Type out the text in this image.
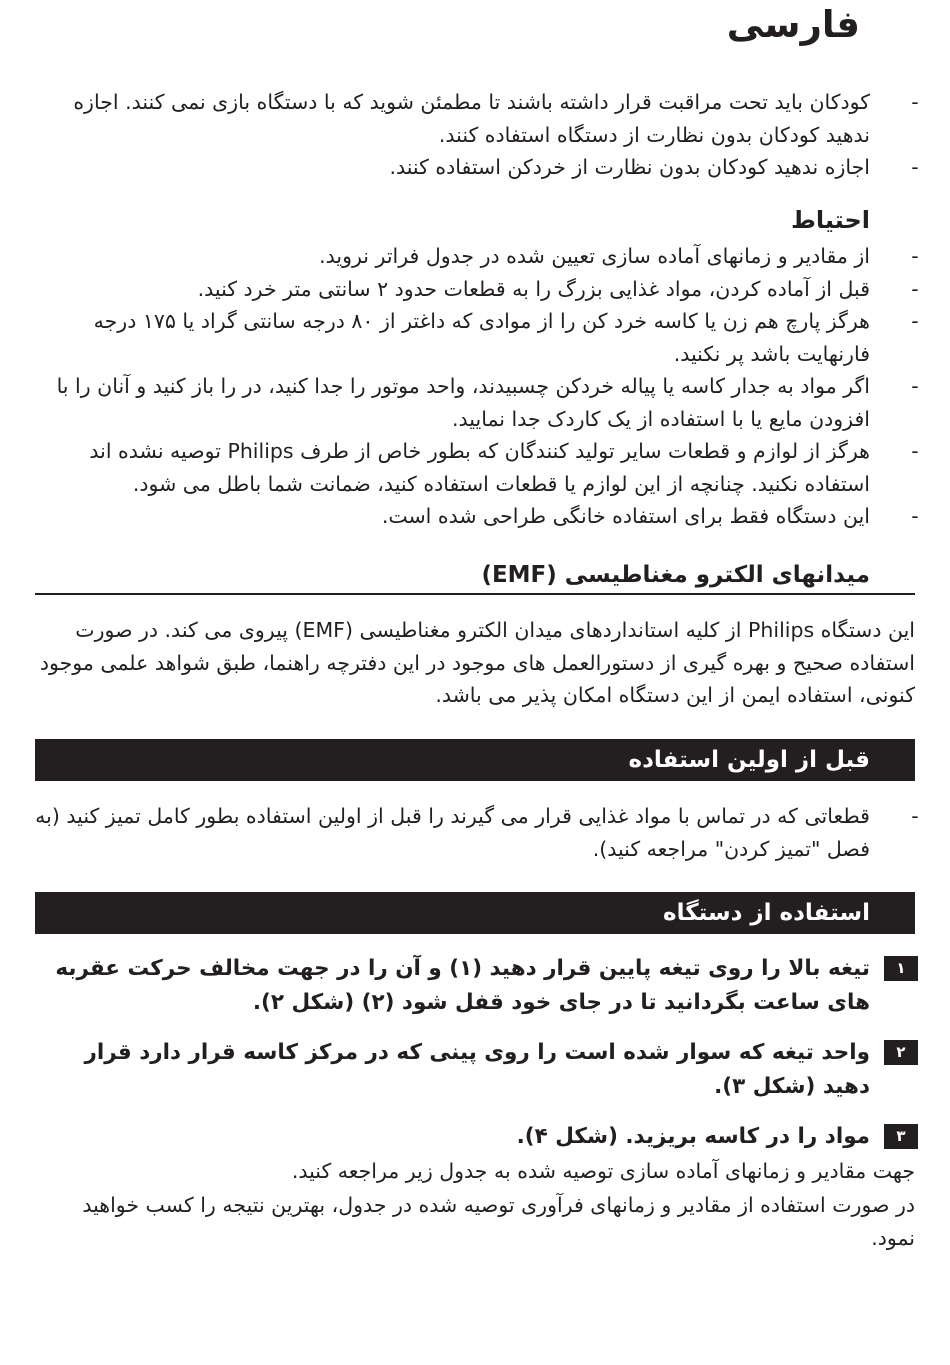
فارسی
-
کودکان باید تحت مراقبت قرار داشته باشند تا مطمئن شوید که با دستگاه بازی نمی کنند. اجازه ندهید کودکان بدون نظارت از دستگاه استفاده کنند.
-
اجازه ندهید کودکان بدون نظارت از خردکن استفاده کنند.
احتیاط
-
از مقادیر و زمانهای آماده سازی تعیین شده در جدول فراتر نروید.
-
قبل از آماده کردن، مواد غذایی بزرگ را به قطعات حدود ۲ سانتی متر خرد کنید.
-
هرگز پارچ هم زن یا کاسه خرد کن را از موادی که داغتر از ۸۰ درجه سانتی گراد یا ۱۷۵ درجه فارنهایت باشد پر نکنید.
-
اگر مواد به جدار کاسه یا پیاله خردکن چسبیدند، واحد موتور را جدا کنید، در را باز کنید و آنان را با افزودن مایع یا با استفاده از یک کاردک جدا نمایید.
-
هرگز از لوازم و قطعات سایر تولید کنندگان که بطور خاص از طرف Philips توصیه نشده اند استفاده نکنید. چنانچه از این لوازم یا قطعات استفاده کنید، ضمانت شما باطل می شود.
-
این دستگاه فقط برای استفاده خانگی طراحی شده است.
میدانهای الکترو مغناطیسی (EMF)
این دستگاه Philips از کلیه استانداردهای میدان الکترو مغناطیسی (EMF) پیروی می کند. در صورت استفاده صحیح و بهره گیری از دستورالعمل های موجود در این دفترچه راهنما، طبق شواهد علمی موجود کنونی، استفاده ایمن از این دستگاه امکان پذیر می باشد.
قبل از اولین استفاده
-
قطعاتی که در تماس با مواد غذایی قرار می گیرند را قبل از اولین استفاده بطور کامل تمیز کنید (به فصل "تمیز کردن" مراجعه کنید).
استفاده از دستگاه
۱
تیغه بالا را روی تیغه پایین قرار دهید (۱) و آن را در جهت مخالف حرکت عقربه های ساعت بگردانید تا در جای خود قفل شود (۲) (شکل ۲).
۲
واحد تیغه که سوار شده است را روی پینی که در مرکز کاسه قرار دارد قرار دهید (شکل ۳).
۳
مواد را در کاسه بریزید. (شکل ۴).
جهت مقادیر و زمانهای آماده سازی توصیه شده به جدول زیر مراجعه کنید.
در صورت استفاده از مقادیر و زمانهای فرآوری توصیه شده در جدول، بهترین نتیجه را کسب خواهید نمود.
